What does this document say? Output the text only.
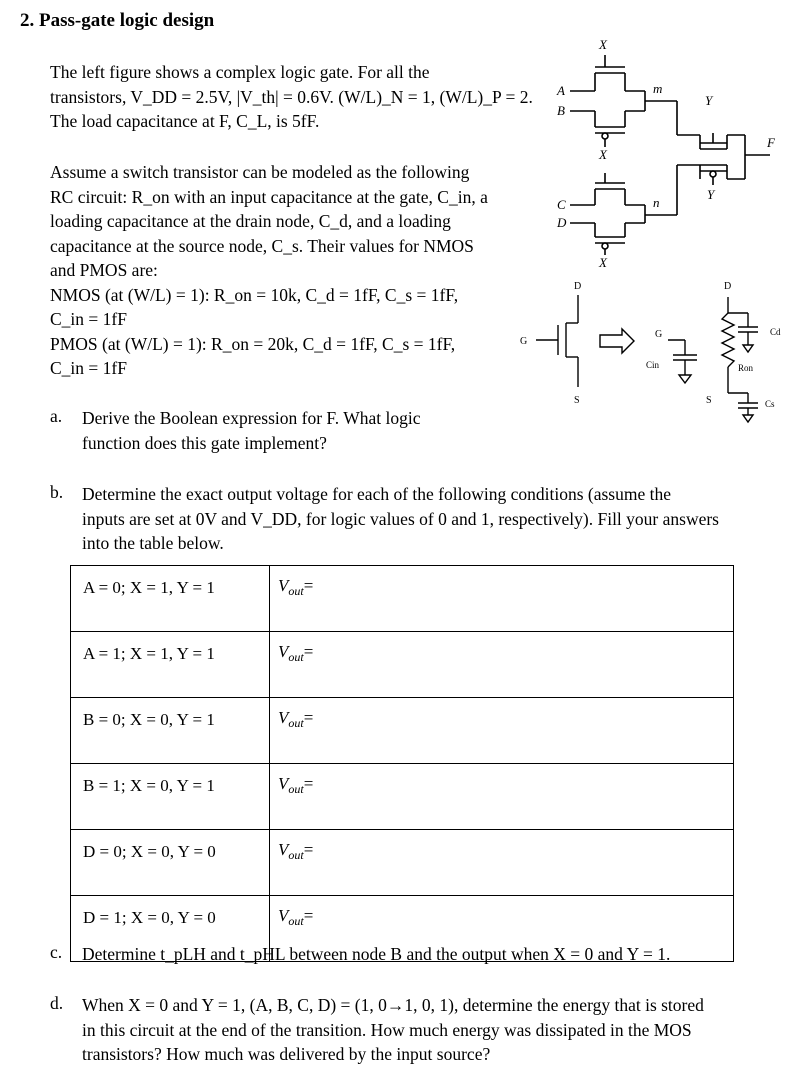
2. Pass-gate logic design
The left figure shows a complex logic gate. For all the
transistors, V_DD = 2.5V, |V_th| = 0.6V. (W/L)_N = 1, (W/L)_P = 2.
The load capacitance at F, C_L, is 5fF.
Assume a switch transistor can be modeled as the following
RC circuit: R_on with an input capacitance at the gate, C_in, a
loading capacitance at the drain node, C_d, and a loading
capacitance at the source node, C_s. Their values for NMOS
and PMOS are:
NMOS (at (W/L) = 1): R_on = 10k, C_d = 1fF, C_s = 1fF,
C_in = 1fF
PMOS (at (W/L) = 1): R_on = 20k, C_d = 1fF, C_s = 1fF,
C_in = 1fF
a. Derive the Boolean expression for F. What logic
function does this gate implement?
b. Determine the exact output voltage for each of the following conditions (assume the
inputs are set at 0V and V_DD, for logic values of 0 and 1, respectively). Fill your answers
into the table below.
A = 0; X = 1, Y = 1	$V_{out}=$
A = 1; X = 1, Y = 1	$V_{out}=$
B = 0; X = 0, Y = 1	$V_{out}=$
B = 1; X = 0, Y = 1	$V_{out}=$
D = 0; X = 0, Y = 0	$V_{out}=$
D = 1; X = 0, Y = 0	$V_{out}=$
c. Determine t_pLH and t_pHL between node B and the output when X = 0 and Y = 1.
d. When X = 0 and Y = 1, (A, B, C, D) = (1, 0→1, 0, 1), determine the energy that is stored
in this circuit at the end of the transition. How much energy was dissipated in the MOS
transistors? How much was delivered by the input source?
X
X
X
m
n
Y
Y
F
A
B
C
D
G
D
S
G
D
S
Cin	Ron
Cd
Cs
